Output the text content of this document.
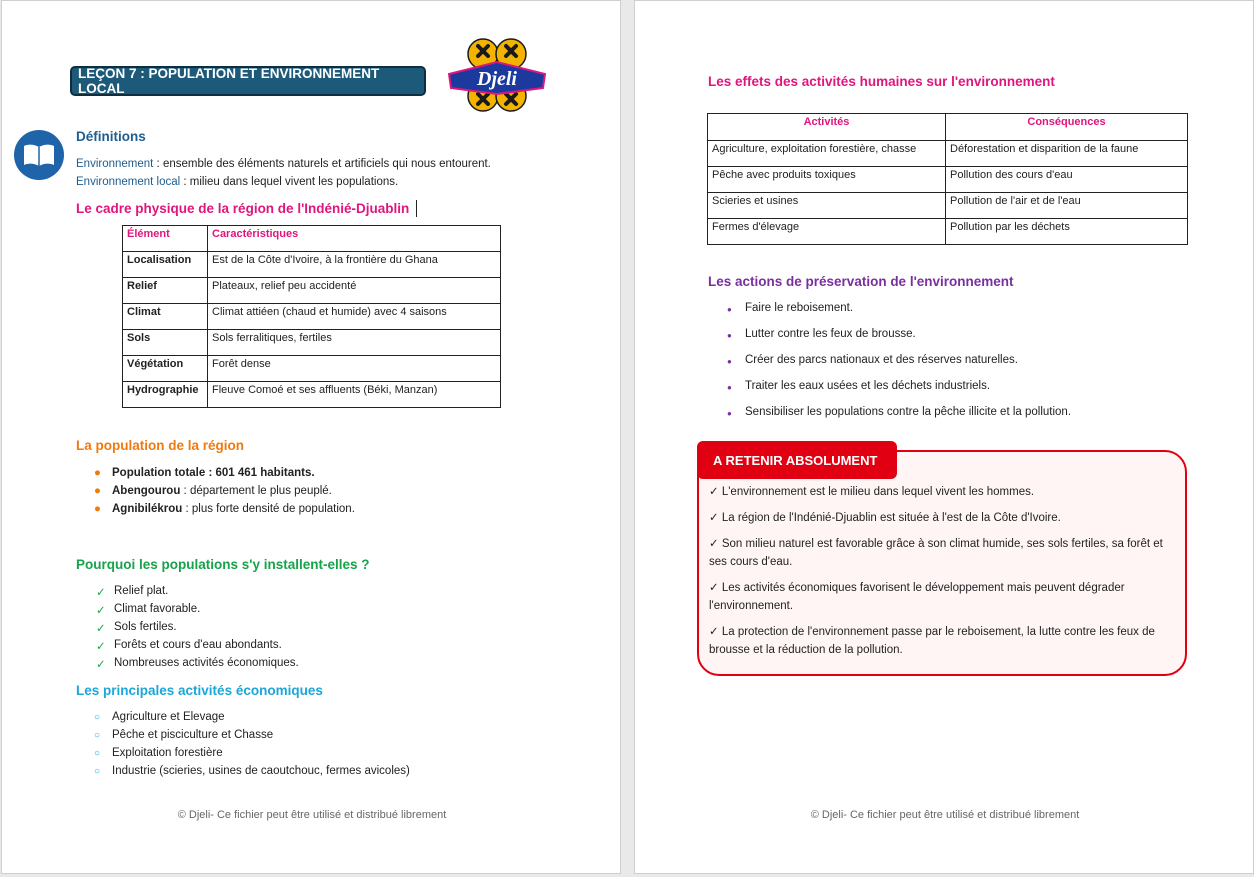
LEÇON 7 : POPULATION ET ENVIRONNEMENT LOCAL	Djeli
Définitions
Environnement : ensemble des éléments naturels et artificiels qui nous entourent.
Environnement local : milieu dans lequel vivent les populations.
Le cadre physique de la région de l'Indénié-Djuablin
Élément	Caractéristiques
Localisation	Est de la Côte d'Ivoire, à la frontière du Ghana
Relief	Plateaux, relief peu accidenté
Climat	Climat attiéen (chaud et humide) avec 4 saisons
Sols	Sols ferralitiques, fertiles
Végétation	Forêt dense
Hydrographie	Fleuve Comoé et ses affluents (Béki, Manzan)
La population de la région
● Population totale : 601 461 habitants.
● Abengourou : département le plus peuplé.
● Agnibilékrou : plus forte densité de population.
Pourquoi les populations s'y installent-elles ?
✓ Relief plat.
✓ Climat favorable.
✓ Sols fertiles.
✓ Forêts et cours d'eau abondants.
✓ Nombreuses activités économiques.
Les principales activités économiques
○ Agriculture et Elevage
○ Pêche et pisciculture et Chasse
○ Exploitation forestière
○ Industrie (scieries, usines de caoutchouc, fermes avicoles)
© Djeli- Ce fichier peut être utilisé et distribué librement
Les effets des activités humaines sur l'environnement
Activités	Conséquences
Agriculture, exploitation forestière, chasse	Déforestation et disparition de la faune
Pêche avec produits toxiques	Pollution des cours d'eau
Scieries et usines	Pollution de l'air et de l'eau
Fermes d'élevage	Pollution par les déchets
Les actions de préservation de l'environnement
● Faire le reboisement.
● Lutter contre les feux de brousse.
● Créer des parcs nationaux et des réserves naturelles.
● Traiter les eaux usées et les déchets industriels.
● Sensibiliser les populations contre la pêche illicite et la pollution.
A RETENIR ABSOLUMENT
✓ L'environnement est le milieu dans lequel vivent les hommes.
✓ La région de l'Indénié-Djuablin est située à l'est de la Côte d'Ivoire.
✓ Son milieu naturel est favorable grâce à son climat humide, ses sols fertiles, sa forêt et ses cours d'eau.
✓ Les activités économiques favorisent le développement mais peuvent dégrader l'environnement.
✓ La protection de l'environnement passe par le reboisement, la lutte contre les feux de brousse et la réduction de la pollution.
© Djeli- Ce fichier peut être utilisé et distribué librement
